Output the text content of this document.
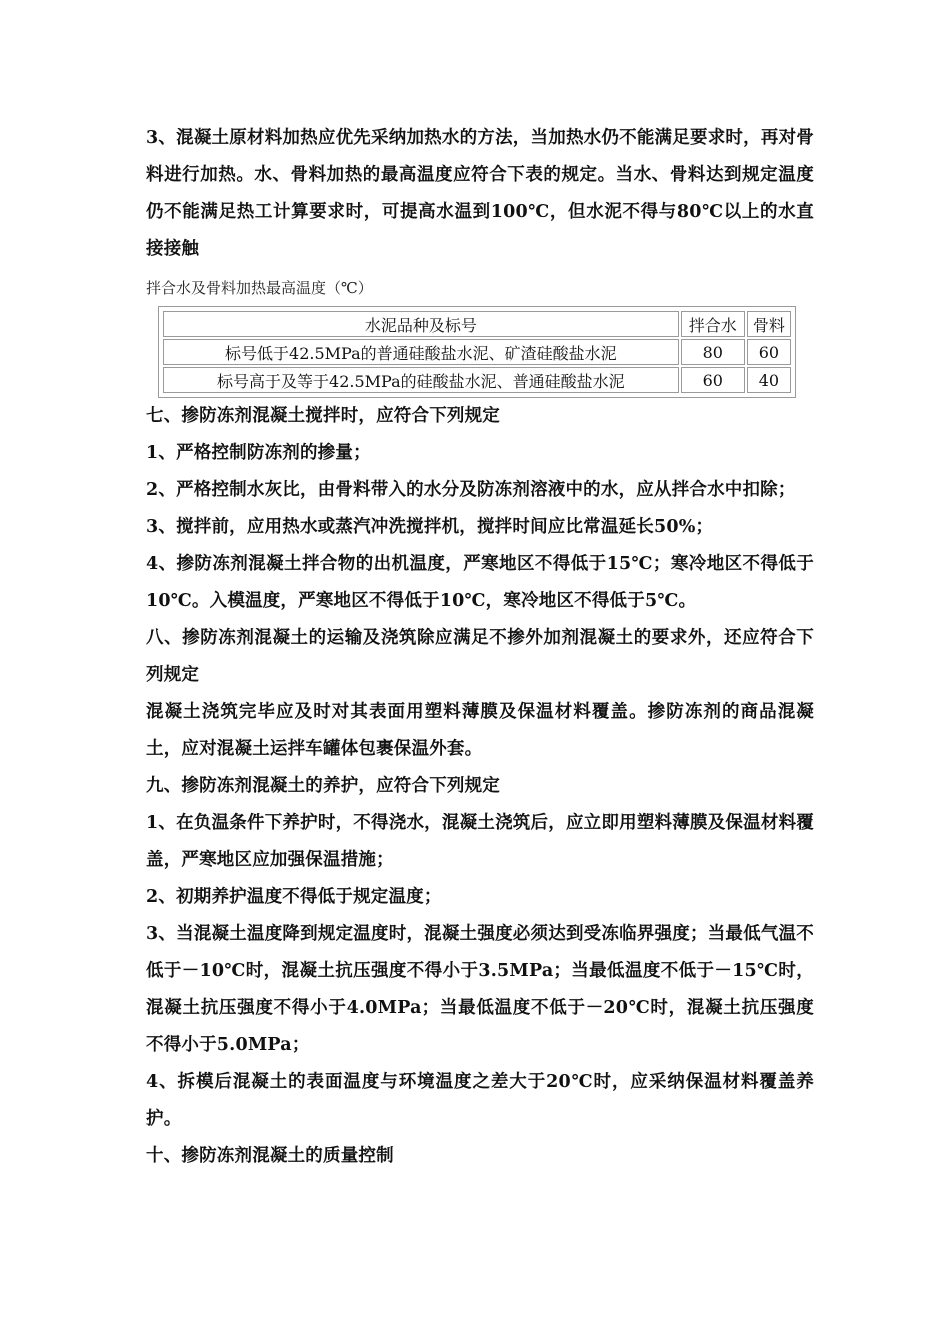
3、混凝土原材料加热应优先采纳加热水的方法，当加热水仍不能满足要求时，再对骨料进行加热。水、骨料加热的最高温度应符合下表的规定。当水、骨料达到规定温度仍不能满足热工计算要求时，可提高水温到100℃，但水泥不得与80℃以上的水直接接触

拌合水及骨料加热最高温度（℃）
水泥品种及标号	拌合水	骨料
标号低于42.5MPa的普通硅酸盐水泥、矿渣硅酸盐水泥	80	60
标号高于及等于42.5MPa的硅酸盐水泥、普通硅酸盐水泥	60	40

七、掺防冻剂混凝土搅拌时，应符合下列规定

1、严格控制防冻剂的掺量；

2、严格控制水灰比，由骨料带入的水分及防冻剂溶液中的水，应从拌合水中扣除；

3、搅拌前，应用热水或蒸汽冲洗搅拌机，搅拌时间应比常温延长50%；

4、掺防冻剂混凝土拌合物的出机温度，严寒地区不得低于15℃；寒冷地区不得低于10℃。入模温度，严寒地区不得低于10℃，寒冷地区不得低于5℃。

八、掺防冻剂混凝土的运输及浇筑除应满足不掺外加剂混凝土的要求外，还应符合下列规定

混凝土浇筑完毕应及时对其表面用塑料薄膜及保温材料覆盖。掺防冻剂的商品混凝土，应对混凝土运拌车罐体包裹保温外套。

九、掺防冻剂混凝土的养护，应符合下列规定

1、在负温条件下养护时，不得浇水，混凝土浇筑后，应立即用塑料薄膜及保温材料覆盖，严寒地区应加强保温措施；

2、初期养护温度不得低于规定温度；

3、当混凝土温度降到规定温度时，混凝土强度必须达到受冻临界强度；当最低气温不低于－10℃时，混凝土抗压强度不得小于3.5MPa；当最低温度不低于－15℃时，混凝土抗压强度不得小于4.0MPa；当最低温度不低于－20℃时，混凝土抗压强度不得小于5.0MPa；

4、拆模后混凝土的表面温度与环境温度之差大于20℃时，应采纳保温材料覆盖养护。

十、掺防冻剂混凝土的质量控制
